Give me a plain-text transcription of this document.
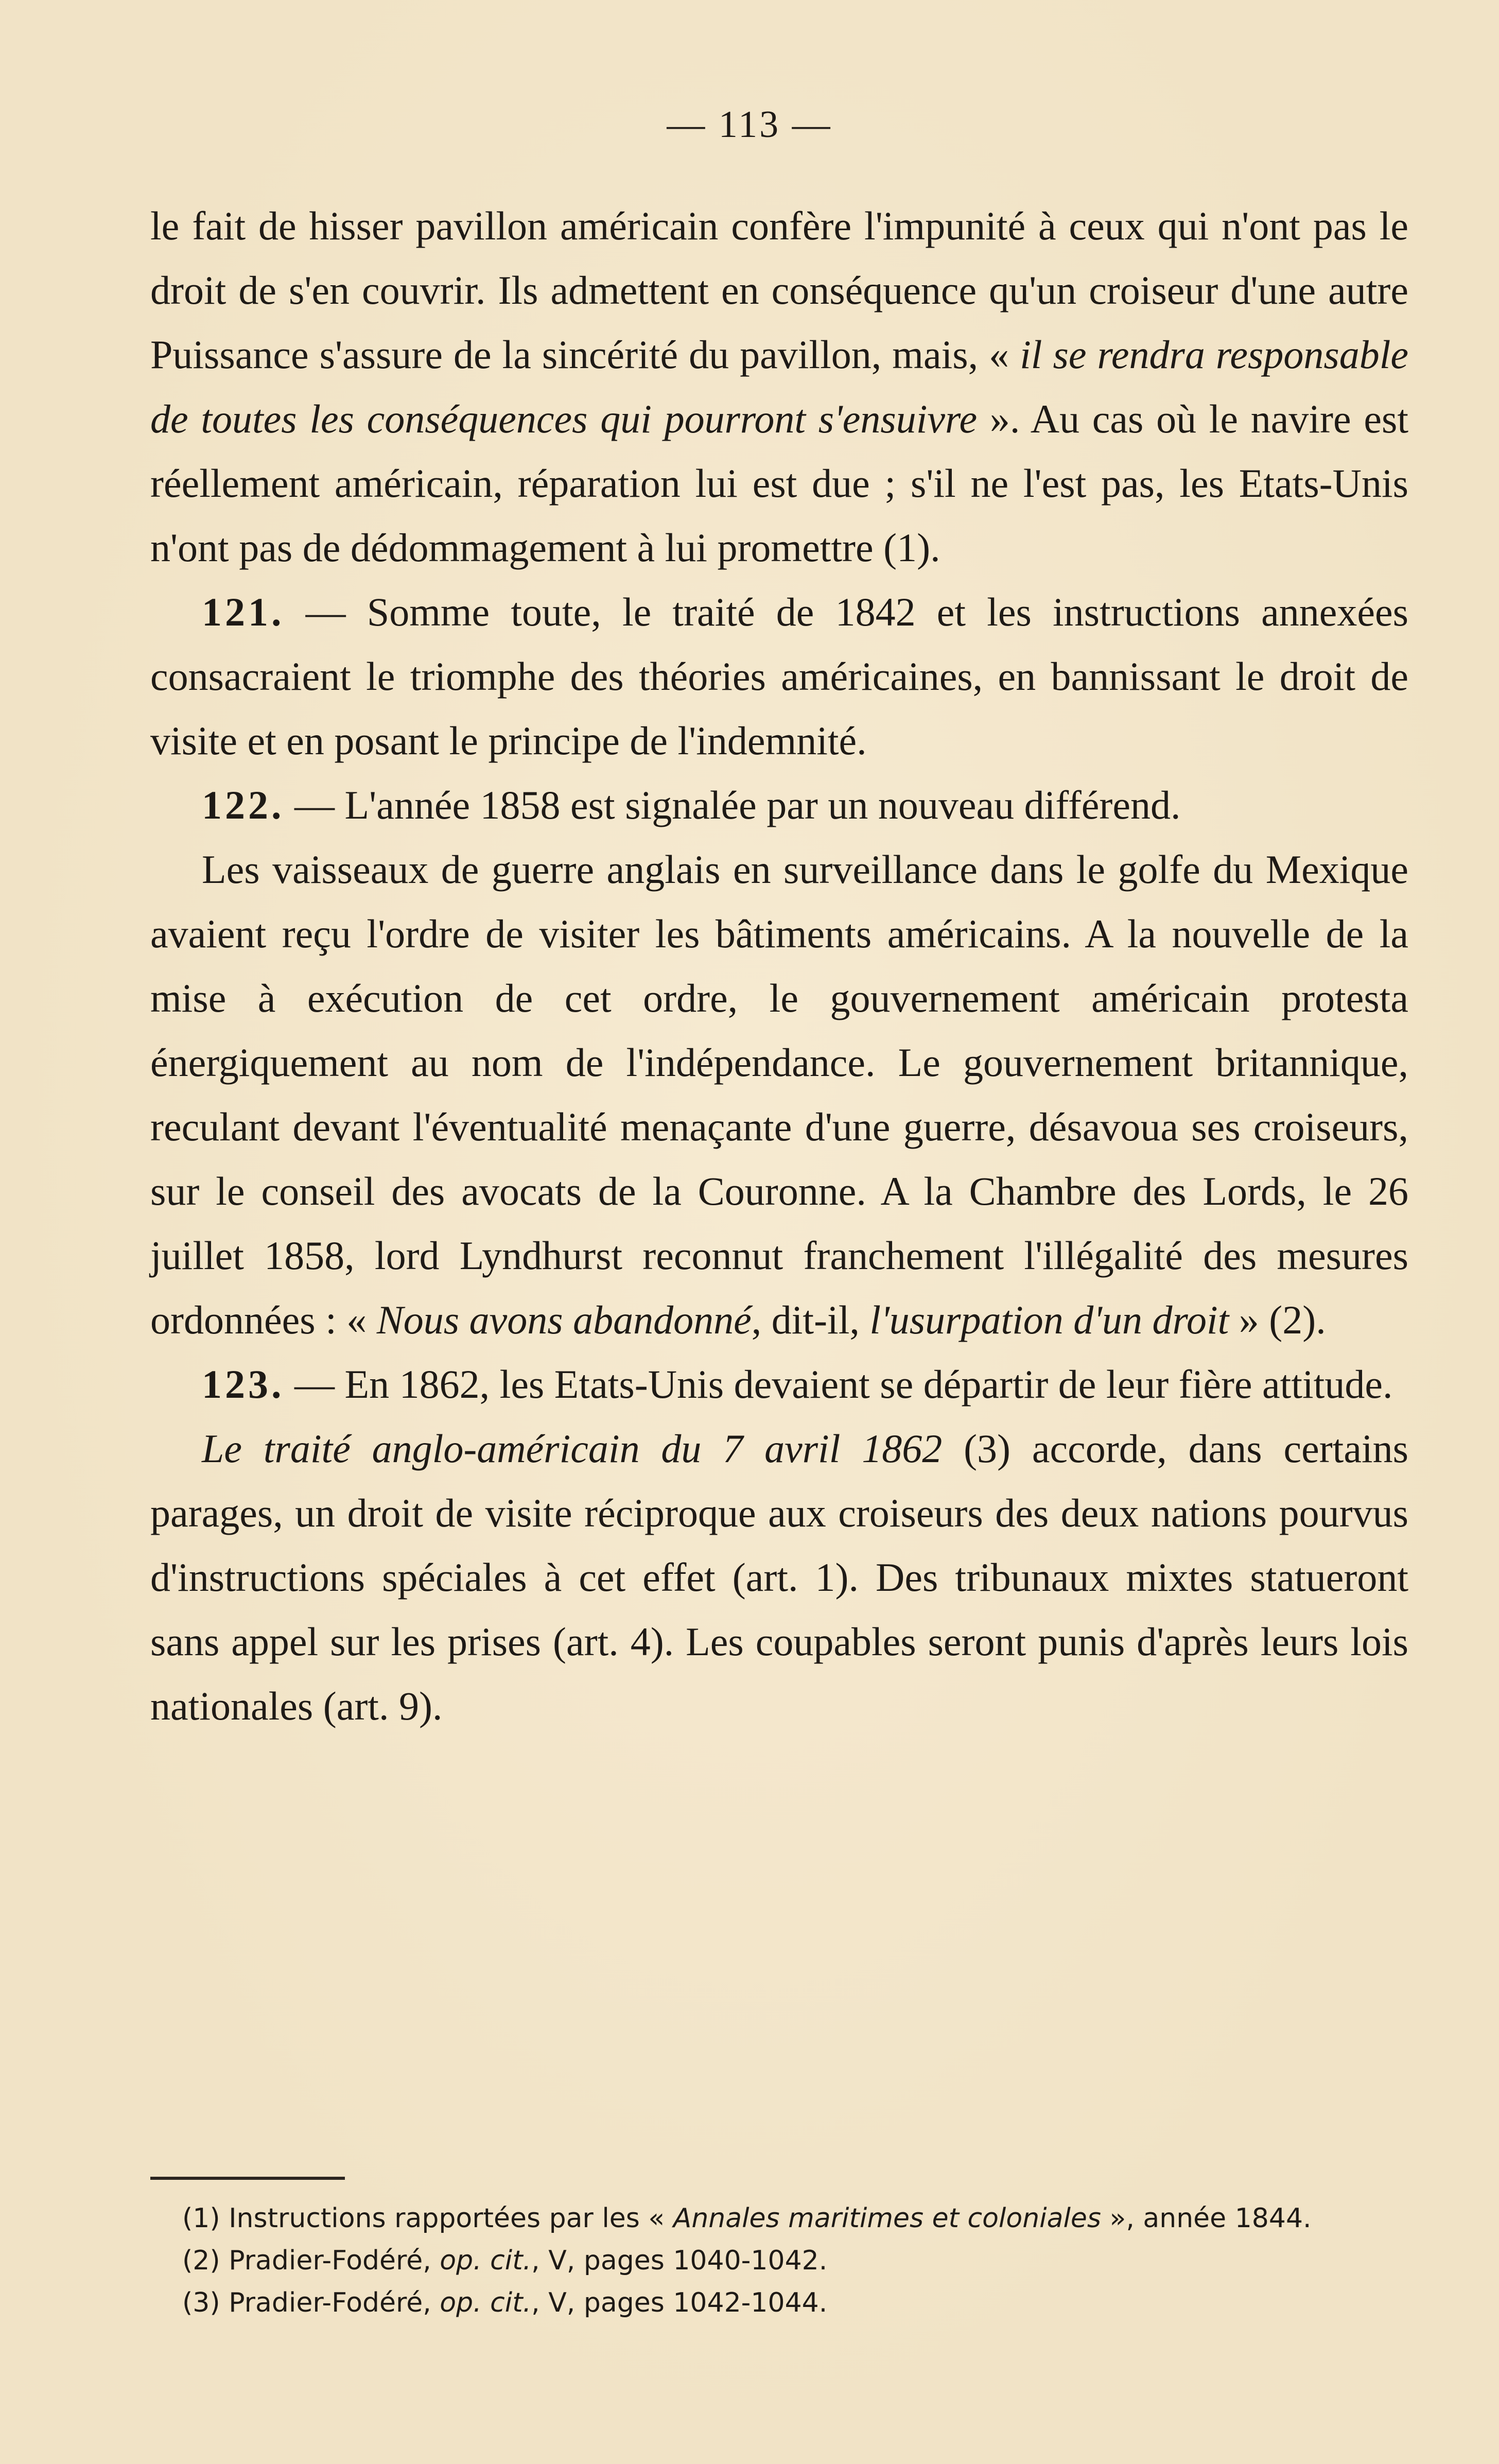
— 113 —

le fait de hisser pavillon américain confère l'impunité à ceux qui n'ont pas le droit de s'en couvrir. Ils admettent en conséquence qu'un croiseur d'une autre Puissance s'assure de la sincérité du pavillon, mais, « il se rendra responsable de toutes les conséquences qui pourront s'ensuivre ». Au cas où le navire est réellement américain, réparation lui est due ; s'il ne l'est pas, les Etats-Unis n'ont pas de dédommagement à lui promettre (1).

121. — Somme toute, le traité de 1842 et les instructions annexées consacraient le triomphe des théories américaines, en bannissant le droit de visite et en posant le principe de l'indemnité.

122. — L'année 1858 est signalée par un nouveau différend.

Les vaisseaux de guerre anglais en surveillance dans le golfe du Mexique avaient reçu l'ordre de visiter les bâtiments américains. A la nouvelle de la mise à exécution de cet ordre, le gouvernement américain protesta énergiquement au nom de l'indépendance. Le gouvernement britannique, reculant devant l'éventualité menaçante d'une guerre, désavoua ses croiseurs, sur le conseil des avocats de la Couronne. A la Chambre des Lords, le 26 juillet 1858, lord Lyndhurst reconnut franchement l'illégalité des mesures ordonnées : « Nous avons abandonné, dit-il, l'usurpation d'un droit » (2).

123. — En 1862, les Etats-Unis devaient se départir de leur fière attitude.

Le traité anglo-américain du 7 avril 1862 (3) accorde, dans certains parages, un droit de visite réciproque aux croiseurs des deux nations pourvus d'instructions spéciales à cet effet (art. 1). Des tribunaux mixtes statueront sans appel sur les prises (art. 4). Les coupables seront punis d'après leurs lois nationales (art. 9).

(1) Instructions rapportées par les « Annales maritimes et coloniales », année 1844.

(2) Pradier-Fodéré, op. cit., V, pages 1040-1042.

(3) Pradier-Fodéré, op. cit., V, pages 1042-1044.
